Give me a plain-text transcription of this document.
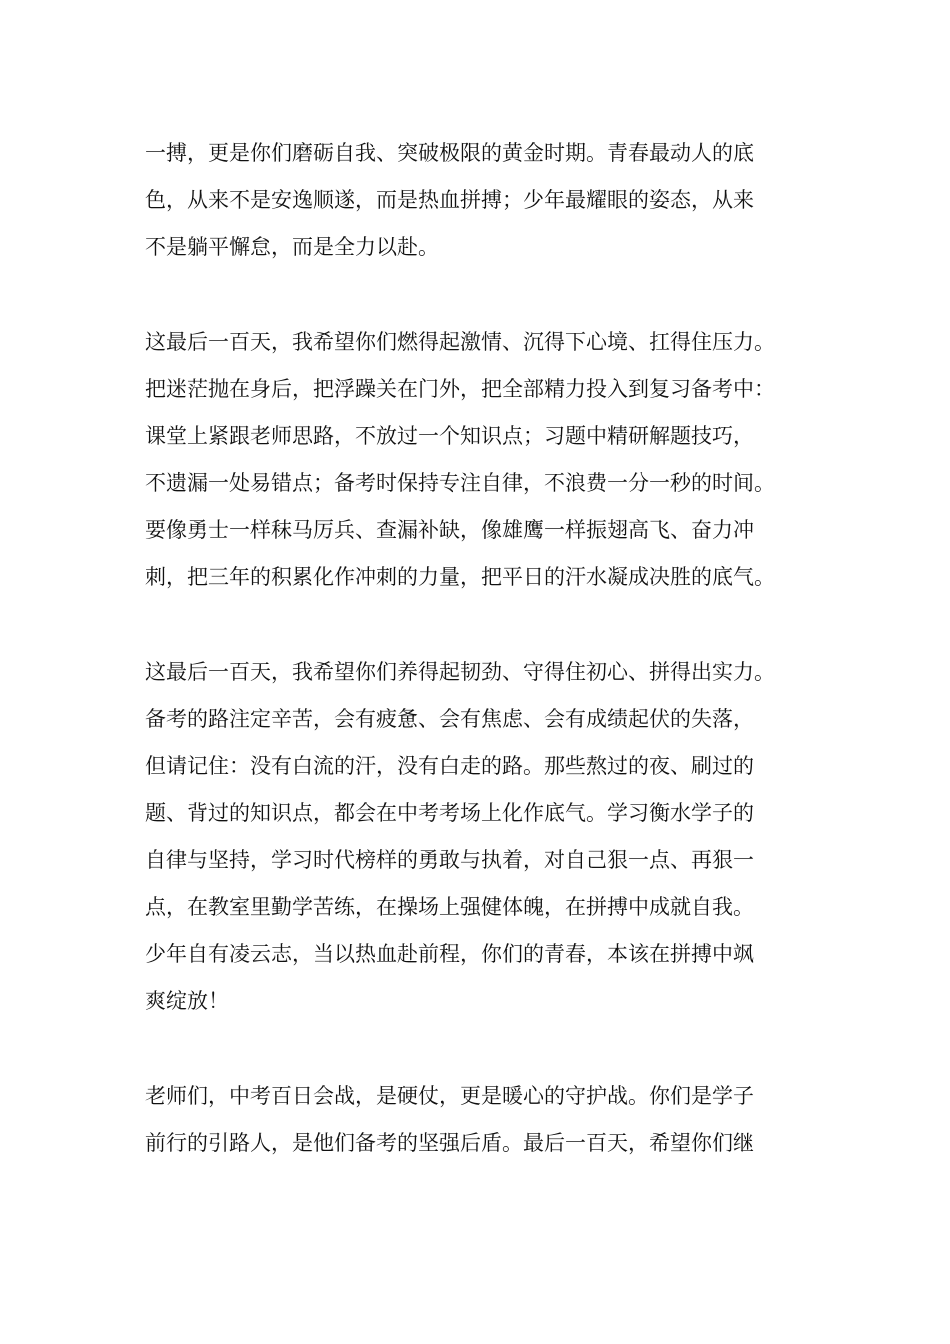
一搏，更是你们磨砺自我、突破极限的黄金时期。青春最动人的底
色，从来不是安逸顺遂，而是热血拼搏；少年最耀眼的姿态，从来
不是躺平懈怠，而是全力以赴。
这最后一百天，我希望你们燃得起激情、沉得下心境、扛得住压力。
把迷茫抛在身后，把浮躁关在门外，把全部精力投入到复习备考中：
课堂上紧跟老师思路，不放过一个知识点；习题中精研解题技巧，
不遗漏一处易错点；备考时保持专注自律，不浪费一分一秒的时间。
要像勇士一样秣马厉兵、查漏补缺，像雄鹰一样振翅高飞、奋力冲
刺，把三年的积累化作冲刺的力量，把平日的汗水凝成决胜的底气。
这最后一百天，我希望你们养得起韧劲、守得住初心、拼得出实力。
备考的路注定辛苦，会有疲惫、会有焦虑、会有成绩起伏的失落，
但请记住：没有白流的汗，没有白走的路。那些熬过的夜、刷过的
题、背过的知识点，都会在中考考场上化作底气。学习衡水学子的
自律与坚持，学习时代榜样的勇敢与执着，对自己狠一点、再狠一
点，在教室里勤学苦练，在操场上强健体魄，在拼搏中成就自我。
少年自有凌云志，当以热血赴前程，你们的青春，本该在拼搏中飒
爽绽放！
老师们，中考百日会战，是硬仗，更是暖心的守护战。你们是学子
前行的引路人，是他们备考的坚强后盾。最后一百天，希望你们继
